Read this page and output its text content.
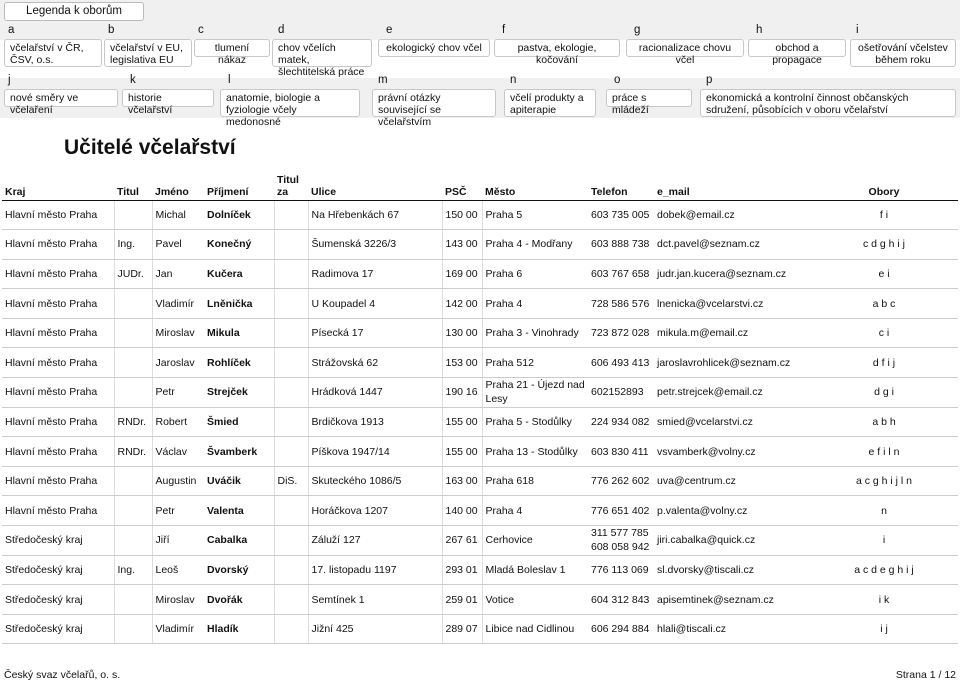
Legenda k oborům
a
včelařství v ČR, ČSV, o.s.
b
včelařství v EU, legislativa EU
c
tlumení nákaz
d
chov včelích matek, šlechtitelská práce
e
ekologický chov včel
f
pastva, ekologie, kočování
g
racionalizace chovu včel
h
obchod a propagace
i
ošetřování včelstev během roku
j
nové směry ve včelaření
k
historie včelařství
l
anatomie, biologie a fyziologie včely medonosné
m
právní otázky související se včelařstvím
n
včelí produkty a apiterapie
o
práce s mládeží
p
ekonomická a kontrolní činnost občanských sdružení, působících v oboru včelařství
Učitelé včelařství
Kraj	Titul	Jméno	Příjmení	Titul za	Ulice	PSČ	Město	Telefon	e_mail	Obory
Hlavní město Praha		Michal	Dolníček		Na Hřebenkách 67	150 00	Praha 5	603 735 005	dobek@email.cz	f i
Hlavní město Praha	Ing.	Pavel	Konečný		Šumenská 3226/3	143 00	Praha 4 - Modřany	603 888 738	dct.pavel@seznam.cz	c d g h i j
Hlavní město Praha	JUDr.	Jan	Kučera		Radimova 17	169 00	Praha 6	603 767 658	judr.jan.kucera@seznam.cz	e i
Hlavní město Praha		Vladimír	Lněnička		U Koupadel 4	142 00	Praha 4	728 586 576	lnenicka@vcelarstvi.cz	a b c
Hlavní město Praha		Miroslav	Mikula		Písecká 17	130 00	Praha 3 - Vinohrady	723 872 028	mikula.m@email.cz	c i
Hlavní město Praha		Jaroslav	Rohlíček		Strážovská 62	153 00	Praha 512	606 493 413	jaroslavrohlicek@seznam.cz	d f i j
Hlavní město Praha		Petr	Strejček		Hrádková 1447	190 16	Praha 21 - Újezd nad Lesy	602152893	petr.strejcek@email.cz	d g i
Hlavní město Praha	RNDr.	Robert	Šmied		Brdičkova 1913	155 00	Praha 5 - Stodůlky	224 934 082	smied@vcelarstvi.cz	a b h
Hlavní město Praha	RNDr.	Václav	Švamberk		Píškova 1947/14	155 00	Praha 13 - Stodůlky	603 830 411	vsvamberk@volny.cz	e f i l n
Hlavní město Praha		Augustin	Uváčik	DiS.	Skuteckého 1086/5	163 00	Praha 618	776 262 602	uva@centrum.cz	a c g h i j l n
Hlavní město Praha		Petr	Valenta		Horáčkova 1207	140 00	Praha 4	776 651 402	p.valenta@volny.cz	n
Středočeský kraj		Jiří	Cabalka		Záluží 127	267 61	Cerhovice	311 577 785 608 058 942	jiri.cabalka@quick.cz	i
Středočeský kraj	Ing.	Leoš	Dvorský		17. listopadu 1197	293 01	Mladá Boleslav 1	776 113 069	sl.dvorsky@tiscali.cz	a c d e g h i j
Středočeský kraj		Miroslav	Dvořák		Semtínek 1	259 01	Votice	604 312 843	apisemtinek@seznam.cz	i k
Středočeský kraj		Vladimír	Hladík		Jižní 425	289 07	Libice nad Cidlinou	606 294 884	hlali@tiscali.cz	i j
Český svaz včelařů, o. s.	Strana 1 / 12
